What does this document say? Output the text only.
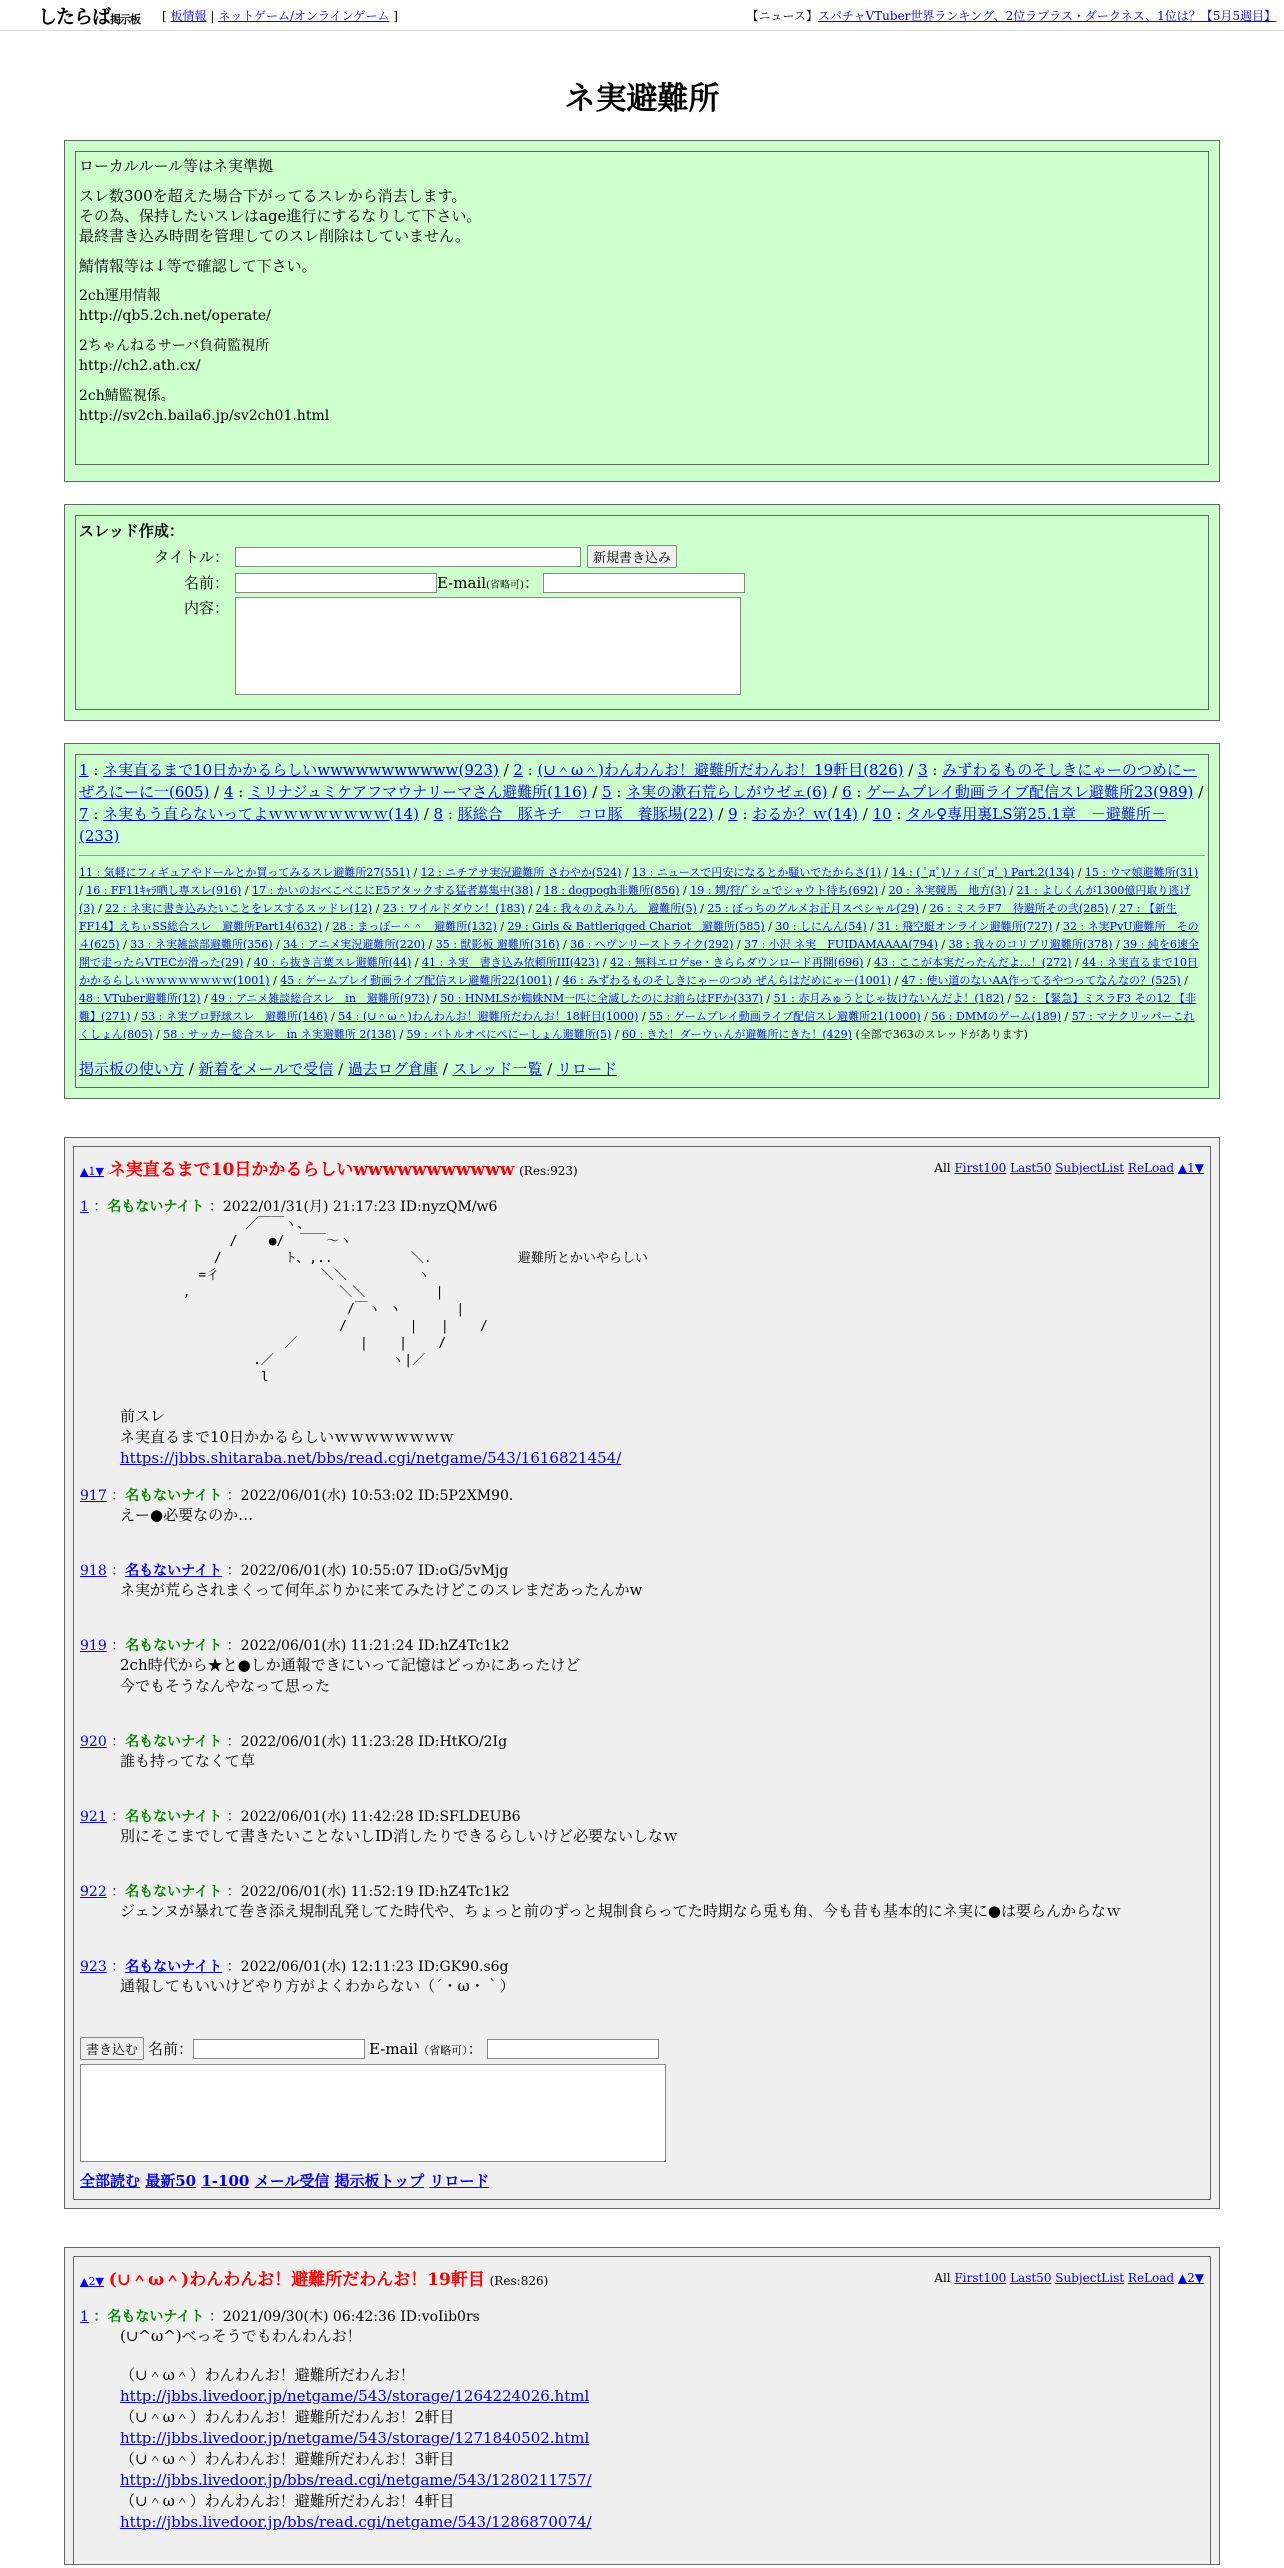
したらば掲示板 [ 板情報 | ネットゲーム/オンラインゲーム ]	【ニュース】スパチャVTuber世界ランキング、2位ラプラス・ダークネス、1位は？【5月5週目】
ネ実避難所

ローカルルール等はネ実準拠

スレ数300を超えた場合下がってるスレから消去します。
その為、保持したいスレはage進行にするなりして下さい。
最終書き込み時間を管理してのスレ削除はしていません。

鯖情報等は↓等で確認して下さい。

2ch運用情報
http://qb5.2ch.net/operate/

2ちゃんねるサーバ負荷監視所
http://ch2.ath.cx/

2ch鯖監視係。
http://sv2ch.baila6.jp/sv2ch01.html

スレッド作成：
タイトル：	新規書き込み
名前：	E-mail(省略可)：
内容：
1 : ネ実直るまで10日かかるらしいwwwwwwwwwww(923) / 2 : (∪＾ω＾)わんわんお！避難所だわんお！19軒目(826) / 3 : みずわるものそしきにゃーのつめにーぜろにーに一(605) / 4 : ミリナジュミケアフマウナリーマさん避難所(116) / 5 : ネ実の漱石荒らしがウゼェ(6) / 6 : ゲームプレイ動画ライブ配信スレ避難所23(989) / 7 : ネ実もう直らないってよｗｗｗｗｗｗｗｗ(14) / 8 : 豚総合　豚キチ　コロ豚　養豚場(22) / 9 : おるか？ｗ(14) / 10 : タル♀専用裏LS第25.1章　－避難所－(233)
11 : 気軽にフィギュアやドールとか買ってみるスレ避難所27(551) / 12 : ニチアサ実況避難所 さわやか(524) / 13 : ニュースで円安になるとか騒いでたからさ(1) / 14 : ( ﾟдﾟ)ﾉ ｧ ｲ ﾐ(ﾟдﾟ ) Part.2(134) / 15 : ウマ娘避難所(31) / 16 : FF11ｷｬﾗ晒し専スレ(916) / 17 : かいのおべこべこにE5アタックする猛者募集中(38) / 18 : dogpogh非難所(856) / 19 : 甥/狩/ﾞシュでシャウト待ち(692) / 20 : ネ実競馬　地方(3) / 21 : よしくんが1300億円取り逃げ(3) / 22 : ネ実に書き込みたいことをレスするスッドレ(12) / 23 : ワイルドダウン！(183) / 24 : 我々のえみりん　避難所(5) / 25 : ぼっちのグルメお正月スペシャル(29) / 26 : ミスラF7　待避所その弐(285) / 27 : 【新生FF14】えちぃSS総合スレ　避難所Part14(632) / 28 : まっぽー＾＾　避難所(132) / 29 : Girls & Battlerigged Chariot　避難所(585) / 30 : しにんん(54) / 31 : 飛空艇オンライン避難所(727) / 32 : ネ実PvU避難所　その４(625) / 33 : ネ実雑談部避難所(356) / 34 : アニメ実況避難所(220) / 35 : 獣影板 避難所(316) / 36 : ヘヴンリーストライク(292) / 37 : 小沢 ネ実　FUIDAMAAAA(794) / 38 : 我々のコリプリ避難所(378) / 39 : 純を6速全開で走ったらVTECが滑った(29) / 40 : ら抜き言葉スレ避難所(44) / 41 : ネ実　書き込み依頼所III(423) / 42 : 無料エロゲse・きららダウンロード再開(696) / 43 : ここが本実だったんだよ…！(272) / 44 : ネ実直るまで10日かかるらしいｗｗｗｗｗｗｗｗ(1001) / 45 : ゲームプレイ動画ライブ配信スレ避難所22(1001) / 46 : みずわるものそしきにゃーのつめ ぜんらはだめにゃー(1001) / 47 : 使い道のないAA作ってるやつってなんなの？(525) / 48 : VTuber避難所(12) / 49 : アニメ雑談総合スレ　in　避難所(973) / 50 : HNMLSが蜘蛛NM一匹に全滅したのにお前らはFFか(337) / 51 : 赤月みゅうとじゃ抜けないんだよ！(182) / 52 : 【緊急】ミスラF3 その12 【非難】(271) / 53 : ネ実プロ野球スレ　避難所(146) / 54 : (∪＾ω＾)わんわんお！避難所だわんお！18軒目(1000) / 55 : ゲームプレイ動画ライブ配信スレ避難所21(1000) / 56 : DMMのゲーム(189) / 57 : マナクリッパーこれくしょん(805) / 58 : サッカー総合スレ　in ネ実避難所 2(138) / 59 : バトルオペにぺにーしょん避難所(5) / 60 : きた！ダーウぃんが避難所にきた！(429) (全部で363のスレッドがあります)
掲示板の使い方 / 新着をメールで受信 / 過去ログ倉庫 / スレッド一覧 / リロード
▲1▼ ネ実直るまで10日かかるらしいwwwwwwwwwww (Res:923)	All First100 Last50 SubjectList ReLoad ▲1▼
1 ：名もないナイト ：2022/01/31(月) 21:17:23 ID:nyzQM/w6
／￣￣ヽ、
/    ●/  ￣￣～ヽ
/        ト、,..          ＼.           避難所とかいやらしい
=彳             ＼＼         ヽ
,                   ＼＼         |
/￣ヽ ヽ       |
/        |   |    /
／        |    |    /
.／               ヽ|／
l
前スレ
ネ実直るまで10日かかるらしいｗｗｗｗｗｗｗｗ
https://jbbs.shitaraba.net/bbs/read.cgi/netgame/543/1616821454/
917 ：名もないナイト ：2022/06/01(水) 10:53:02 ID:5P2XM90.
えー●必要なのか…
918 ：名もないナイト ：2022/06/01(水) 10:55:07 ID:oG/5vMjg
ネ実が荒らされまくって何年ぶりかに来てみたけどこのスレまだあったんかw
919 ：名もないナイト ：2022/06/01(水) 11:21:24 ID:hZ4Tc1k2
2ch時代から★と●しか通報できにいって記憶はどっかにあったけど
今でもそうなんやなって思った
920 ：名もないナイト ：2022/06/01(水) 11:23:28 ID:HtKO/2Ig
誰も持ってなくて草
921 ：名もないナイト ：2022/06/01(水) 11:42:28 ID:SFLDEUB6
別にそこまでして書きたいことないしID消したりできるらしいけど必要ないしなｗ
922 ：名もないナイト ：2022/06/01(水) 11:52:19 ID:hZ4Tc1k2
ジェンヌが暴れて巻き添え規制乱発してた時代や、ちょっと前のずっと規制食らってた時期なら兎も角、今も昔も基本的にネ実に●は要らんからなｗ
923 ：名もないナイト ：2022/06/01(水) 12:11:23 ID:GK90.s6g
通報してもいいけどやり方がよくわからない（´・ω・｀）
書き込む 名前：	E-mail（省略可）：
全部読む 最新50 1-100 メール受信 掲示板トップ リロード
▲2▼ (∪＾ω＾)わんわんお！避難所だわんお！19軒目 (Res:826)	All First100 Last50 SubjectList ReLoad ▲2▼
1 ：名もないナイト ：2021/09/30(木) 06:42:36 ID:voIib0rs
(∪^ω^)べっそうでもわんわんお！
（∪＾ω＾）わんわんお！避難所だわんお！
http://jbbs.livedoor.jp/netgame/543/storage/1264224026.html
（∪＾ω＾）わんわんお！避難所だわんお！2軒目
http://jbbs.livedoor.jp/netgame/543/storage/1271840502.html
（∪＾ω＾）わんわんお！避難所だわんお！3軒目
http://jbbs.livedoor.jp/bbs/read.cgi/netgame/543/1280211757/
（∪＾ω＾）わんわんお！避難所だわんお！4軒目
http://jbbs.livedoor.jp/bbs/read.cgi/netgame/543/1286870074/
